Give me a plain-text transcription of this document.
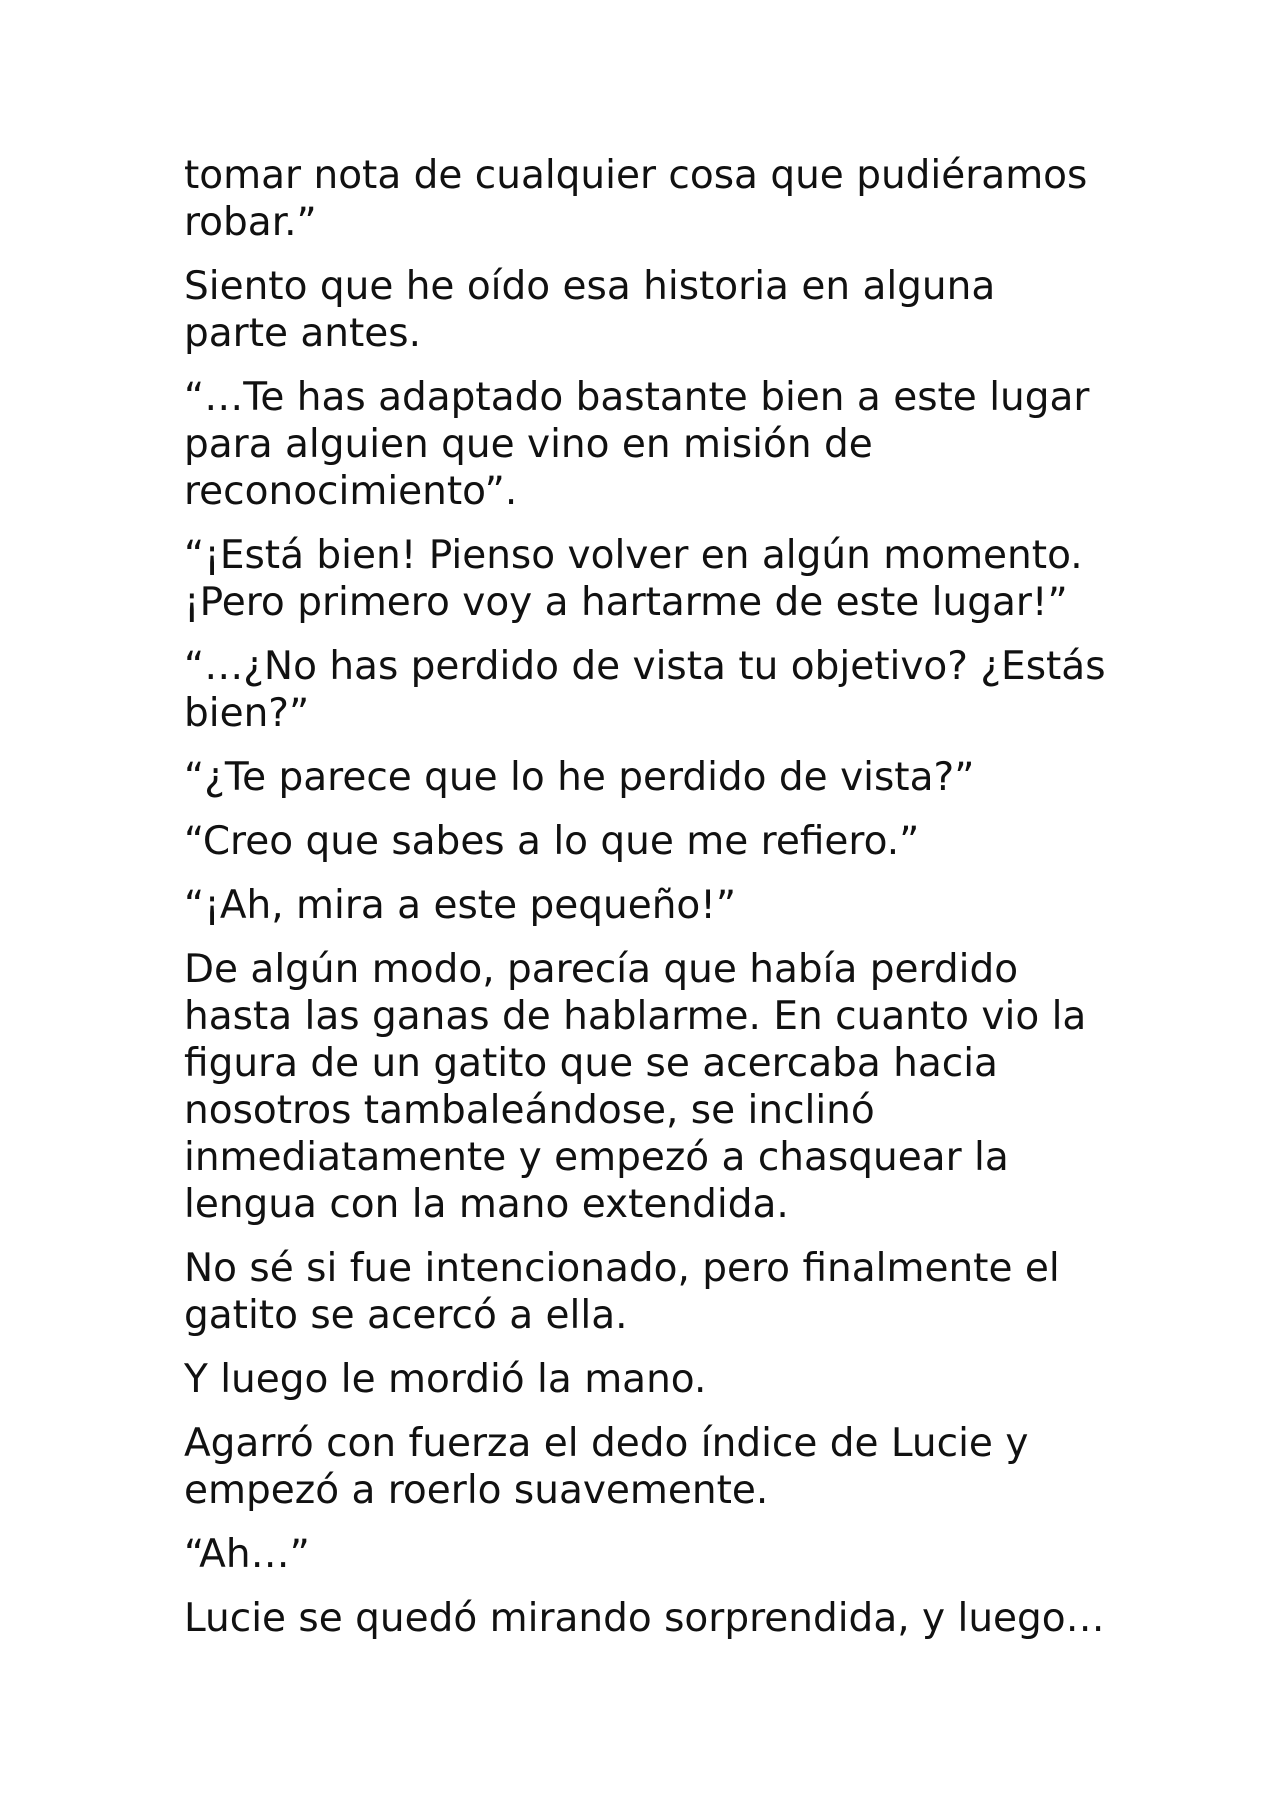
tomar nota de cualquier cosa que pudiéramos
robar.”

Siento que he oído esa historia en alguna
parte antes.

“…Te has adaptado bastante bien a este lugar
para alguien que vino en misión de
reconocimiento”.

“¡Está bien! Pienso volver en algún momento.
¡Pero primero voy a hartarme de este lugar!”

“…¿No has perdido de vista tu objetivo? ¿Estás
bien?”

“¿Te parece que lo he perdido de vista?”

“Creo que sabes a lo que me refiero.”

“¡Ah, mira a este pequeño!”

De algún modo, parecía que había perdido
hasta las ganas de hablarme. En cuanto vio la
figura de un gatito que se acercaba hacia
nosotros tambaleándose, se inclinó
inmediatamente y empezó a chasquear la
lengua con la mano extendida.

No sé si fue intencionado, pero finalmente el
gatito se acercó a ella.

Y luego le mordió la mano.

Agarró con fuerza el dedo índice de Lucie y
empezó a roerlo suavemente.

“Ah…”

Lucie se quedó mirando sorprendida, y luego…
